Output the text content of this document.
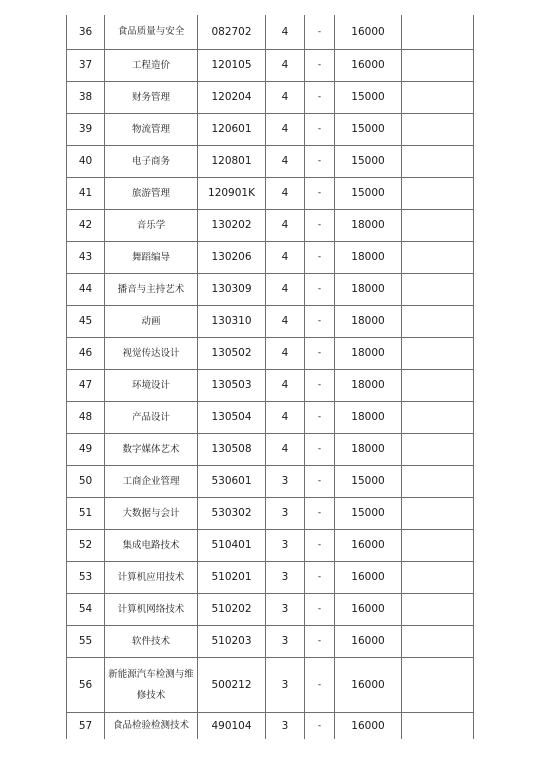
36	食品质量与安全	082702	4	-	16000	
37	工程造价	120105	4	-	16000	
38	财务管理	120204	4	-	15000	
39	物流管理	120601	4	-	15000	
40	电子商务	120801	4	-	15000	
41	旅游管理	120901K	4	-	15000	
42	音乐学	130202	4	-	18000	
43	舞蹈编导	130206	4	-	18000	
44	播音与主持艺术	130309	4	-	18000	
45	动画	130310	4	-	18000	
46	视觉传达设计	130502	4	-	18000	
47	环境设计	130503	4	-	18000	
48	产品设计	130504	4	-	18000	
49	数字媒体艺术	130508	4	-	18000	
50	工商企业管理	530601	3	-	15000	
51	大数据与会计	530302	3	-	15000	
52	集成电路技术	510401	3	-	16000	
53	计算机应用技术	510201	3	-	16000	
54	计算机网络技术	510202	3	-	16000	
55	软件技术	510203	3	-	16000	
56	新能源汽车检测与维修技术	500212	3	-	16000	
57	食品检验检测技术	490104	3	-	16000	
